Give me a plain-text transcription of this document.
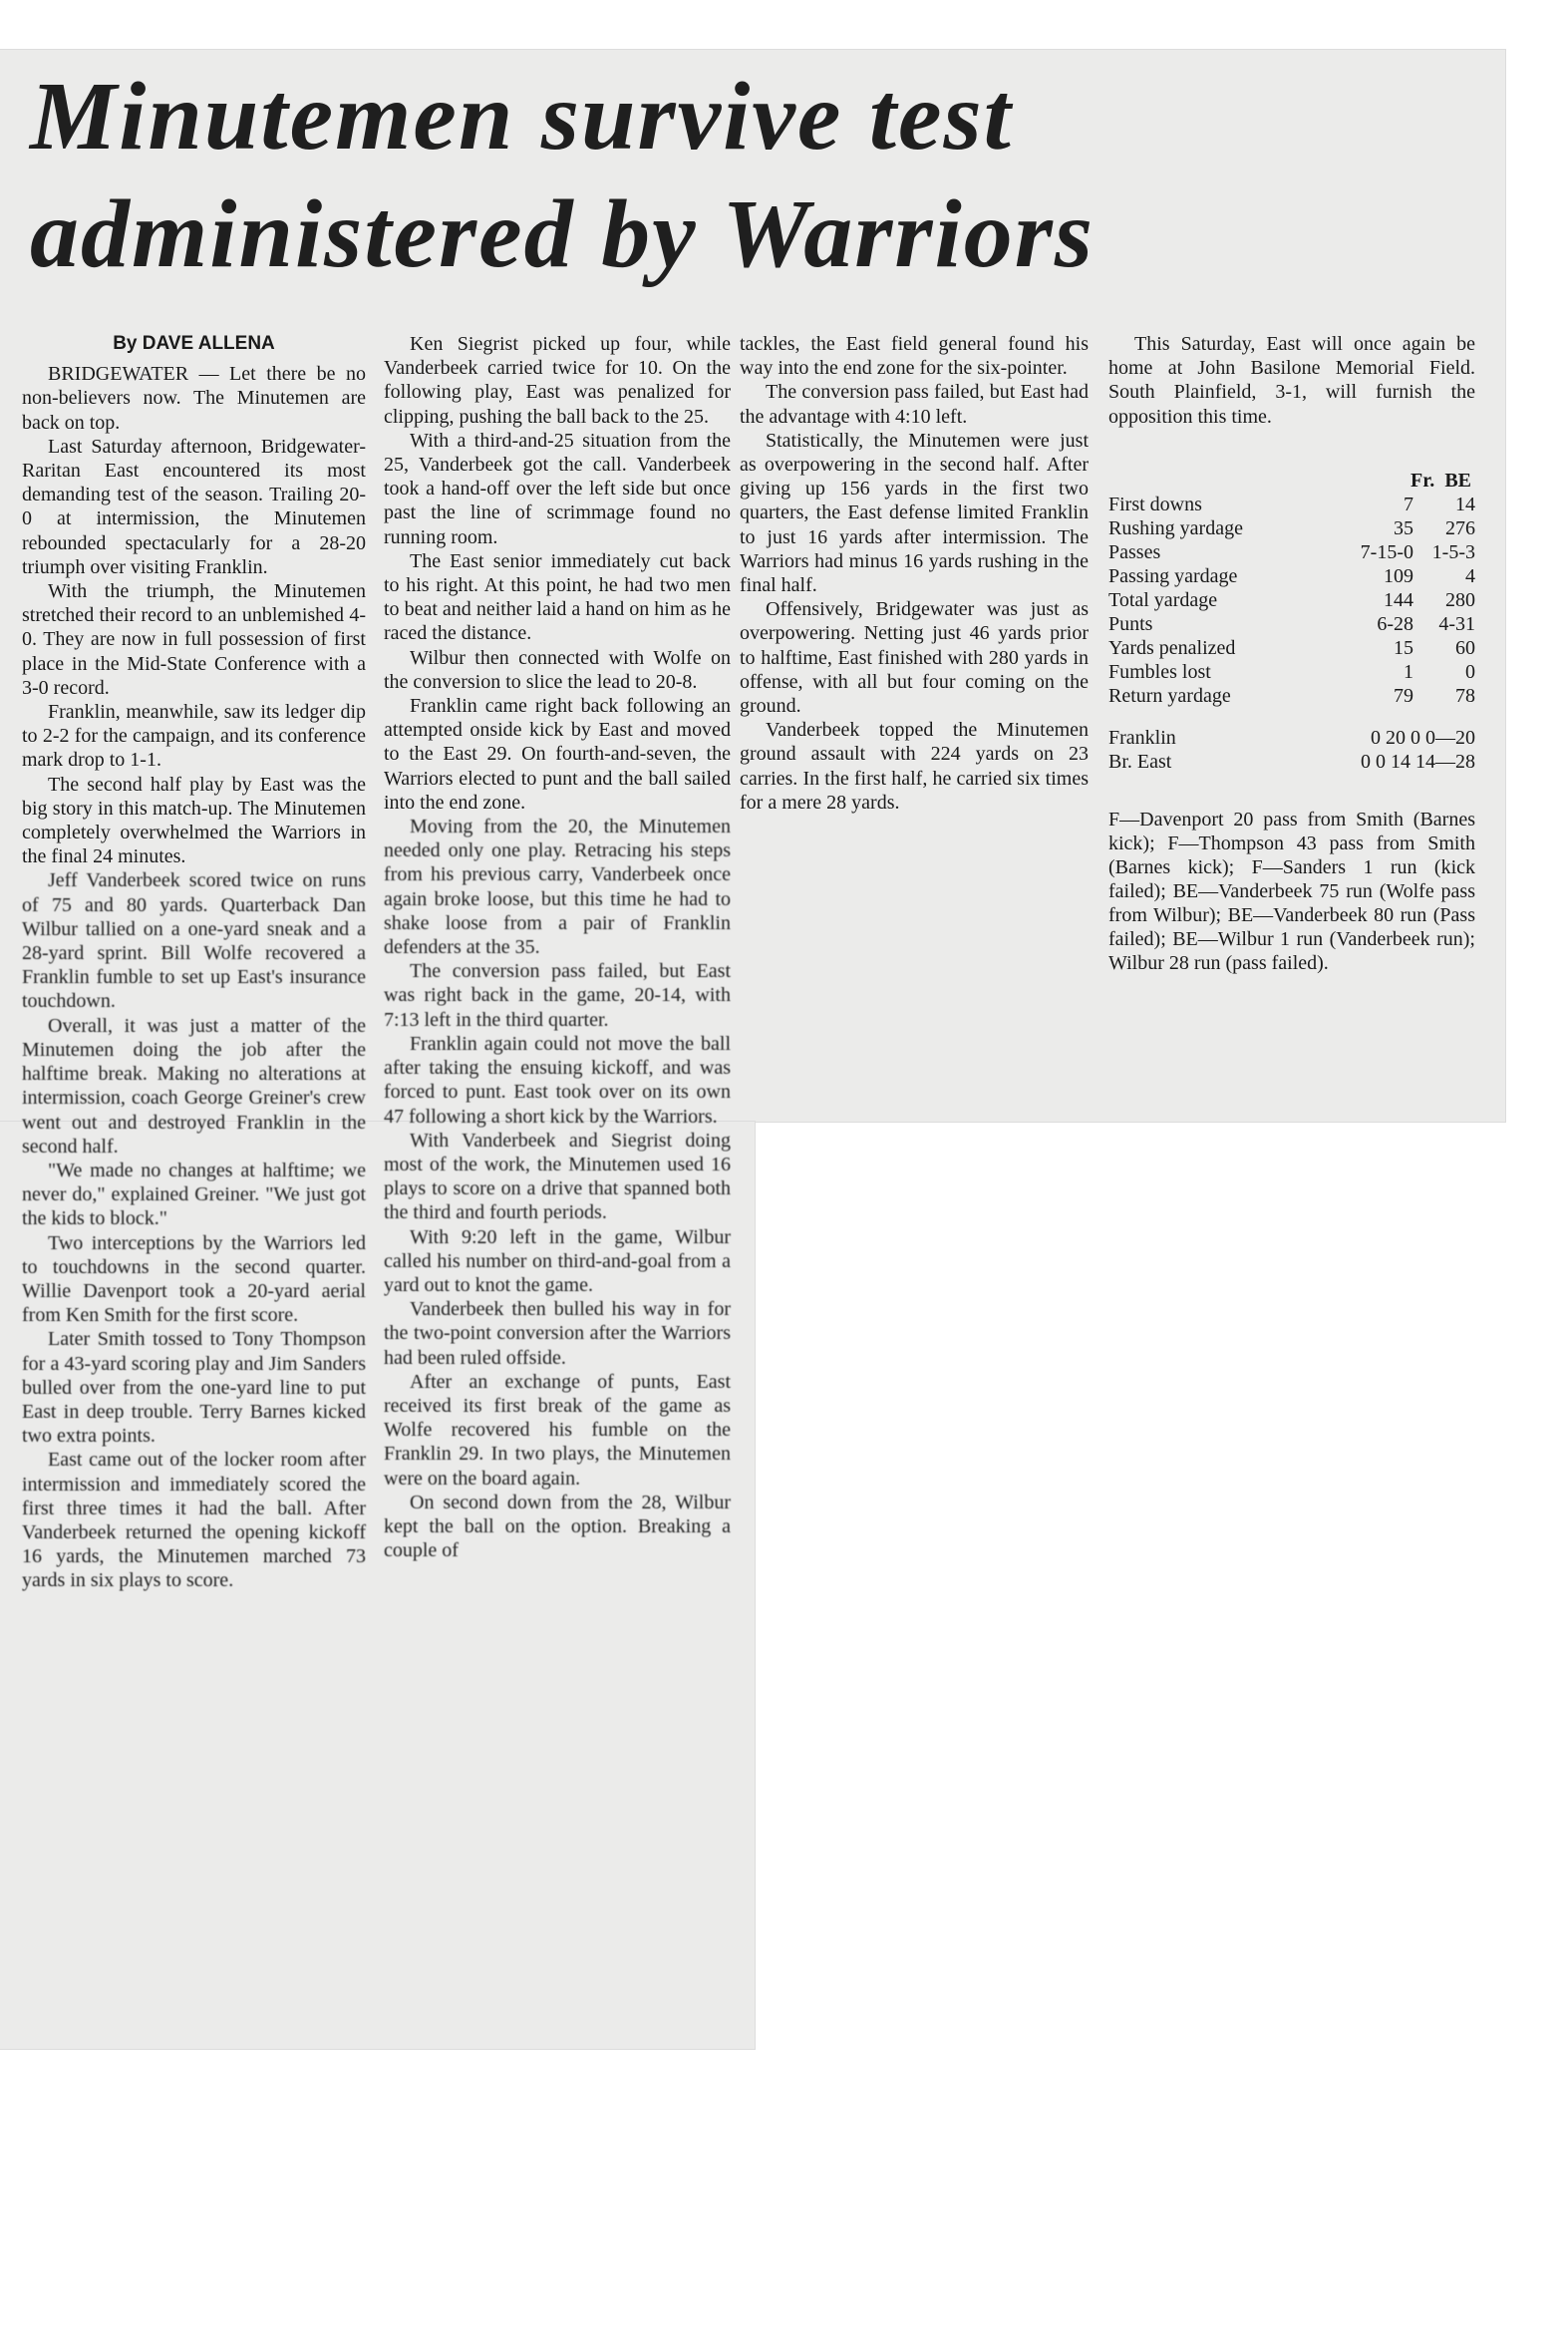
Minutemen survive test administered by Warriors

By DAVE ALLENA

BRIDGEWATER — Let there be no non-believers now. The Minutemen are back on top.

Last Saturday afternoon, Bridgewater-Raritan East encountered its most demanding test of the season. Trailing 20-0 at intermission, the Minutemen rebounded spectacularly for a 28-20 triumph over visiting Franklin.

With the triumph, the Minutemen stretched their record to an unblemished 4-0. They are now in full possession of first place in the Mid-State Conference with a 3-0 record.

Franklin, meanwhile, saw its ledger dip to 2-2 for the campaign, and its conference mark drop to 1-1.

The second half play by East was the big story in this match-up. The Minutemen completely overwhelmed the Warriors in the final 24 minutes.

Jeff Vanderbeek scored twice on runs of 75 and 80 yards. Quarterback Dan Wilbur tallied on a one-yard sneak and a 28-yard sprint. Bill Wolfe recovered a Franklin fumble to set up East's insurance touchdown.

Overall, it was just a matter of the Minutemen doing the job after the halftime break. Making no alterations at intermission, coach George Greiner's crew went out and destroyed Franklin in the second half.

"We made no changes at halftime; we never do," explained Greiner. "We just got the kids to block."

Two interceptions by the Warriors led to touchdowns in the second quarter. Willie Davenport took a 20-yard aerial from Ken Smith for the first score.

Later Smith tossed to Tony Thompson for a 43-yard scoring play and Jim Sanders bulled over from the one-yard line to put East in deep trouble. Terry Barnes kicked two extra points.

East came out of the locker room after intermission and immediately scored the first three times it had the ball. After Vanderbeek returned the opening kickoff 16 yards, the Minutemen marched 73 yards in six plays to score.

Ken Siegrist picked up four, while Vanderbeek carried twice for 10. On the following play, East was penalized for clipping, pushing the ball back to the 25.

With a third-and-25 situation from the 25, Vanderbeek got the call. Vanderbeek took a hand-off over the left side but once past the line of scrimmage found no running room.

The East senior immediately cut back to his right. At this point, he had two men to beat and neither laid a hand on him as he raced the distance.

Wilbur then connected with Wolfe on the conversion to slice the lead to 20-8.

Franklin came right back following an attempted onside kick by East and moved to the East 29. On fourth-and-seven, the Warriors elected to punt and the ball sailed into the end zone.

Moving from the 20, the Minutemen needed only one play. Retracing his steps from his previous carry, Vanderbeek once again broke loose, but this time he had to shake loose from a pair of Franklin defenders at the 35.

The conversion pass failed, but East was right back in the game, 20-14, with 7:13 left in the third quarter.

Franklin again could not move the ball after taking the ensuing kickoff, and was forced to punt. East took over on its own 47 following a short kick by the Warriors.

With Vanderbeek and Siegrist doing most of the work, the Minutemen used 16 plays to score on a drive that spanned both the third and fourth periods.

With 9:20 left in the game, Wilbur called his number on third-and-goal from a yard out to knot the game.

Vanderbeek then bulled his way in for the two-point conversion after the Warriors had been ruled offside.

After an exchange of punts, East received its first break of the game as Wolfe recovered his fumble on the Franklin 29. In two plays, the Minutemen were on the board again.

On second down from the 28, Wilbur kept the ball on the option. Breaking a couple of

tackles, the East field general found his way into the end zone for the six-pointer.

The conversion pass failed, but East had the advantage with 4:10 left.

Statistically, the Minutemen were just as overpowering in the second half. After giving up 156 yards in the first two quarters, the East defense limited Franklin to just 16 yards after intermission. The Warriors had minus 16 yards rushing in the final half.

Offensively, Bridgewater was just as overpowering. Netting just 46 yards prior to halftime, East finished with 280 yards in offense, with all but four coming on the ground.

Vanderbeek topped the Minutemen ground assault with 224 yards on 23 carries. In the first half, he carried six times for a mere 28 yards.

This Saturday, East will once again be home at John Basilone Memorial Field. South Plainfield, 3-1, will furnish the opposition this time.

Fr. BE
First downs	7	14
Rushing yardage	35	276
Passes	7-15-0 1-5-3
Passing yardage	109	4
Total yardage	144	280
Punts	6-28	4-31
Yards penalized	15	60
Fumbles lost	1	0
Return yardage	79	78
Franklin	0 20 0 0—20
Br. East	0 0 14 14—28
F—Davenport 20 pass from Smith (Barnes kick); F—Thompson 43 pass from Smith (Barnes kick); F—Sanders 1 run (kick failed); BE—Vanderbeek 75 run (Wolfe pass from Wilbur); BE—Vanderbeek 80 run (Pass failed); BE—Wilbur 1 run (Vanderbeek run); Wilbur 28 run (pass failed).
